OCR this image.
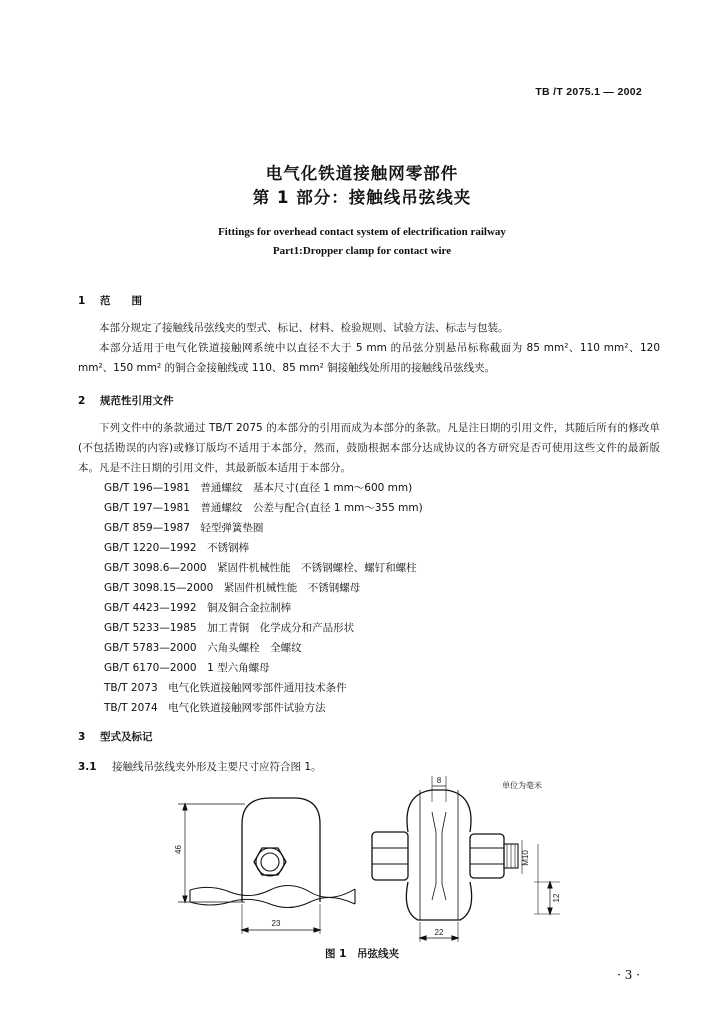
TB /T 2075.1 — 2002
电气化铁道接触网零部件
第 1 部分：接触线吊弦线夹
Fittings for overhead contact system of electrification railway
Part1:Dropper clamp for contact wire
1 范　　围

本部分规定了接触线吊弦线夹的型式、标记、材料、检验规则、试验方法、标志与包装。

本部分适用于电气化铁道接触网系统中以直径不大于 5 mm 的吊弦分别悬吊标称截面为 85 mm²、110 mm²、120 mm²、150 mm² 的铜合金接触线或 110、85 mm² 铜接触线处所用的接触线吊弦线夹。

2 规范性引用文件

下列文件中的条款通过 TB/T 2075 的本部分的引用而成为本部分的条款。凡是注日期的引用文件，其随后所有的修改单(不包括勘误的内容)或修订版均不适用于本部分，然而，鼓励根据本部分达成协议的各方研究是否可使用这些文件的最新版本。凡是不注日期的引用文件，其最新版本适用于本部分。

GB/T 196—1981　普通螺纹　基本尺寸(直径 1 mm～600 mm)
GB/T 197—1981　普通螺纹　公差与配合(直径 1 mm～355 mm)
GB/T 859—1987　轻型弹簧垫圈
GB/T 1220—1992　不锈钢棒
GB/T 3098.6—2000　紧固件机械性能　不锈钢螺栓、螺钉和螺柱
GB/T 3098.15—2000　紧固件机械性能　不锈钢螺母
GB/T 4423—1992　铜及铜合金拉制棒
GB/T 5233—1985　加工青铜　化学成分和产品形状
GB/T 5783—2000　六角头螺栓　全螺纹
GB/T 6170—2000　1 型六角螺母
TB/T 2073　电气化铁道接触网零部件通用技术条件
TB/T 2074　电气化铁道接触网零部件试验方法
3 型式及标记
3.1 接触线吊弦线夹外形及主要尺寸应符合图 1。
单位为毫米
46
23
8
M10
12
22
图 1　 吊弦线夹
· 3 ·
